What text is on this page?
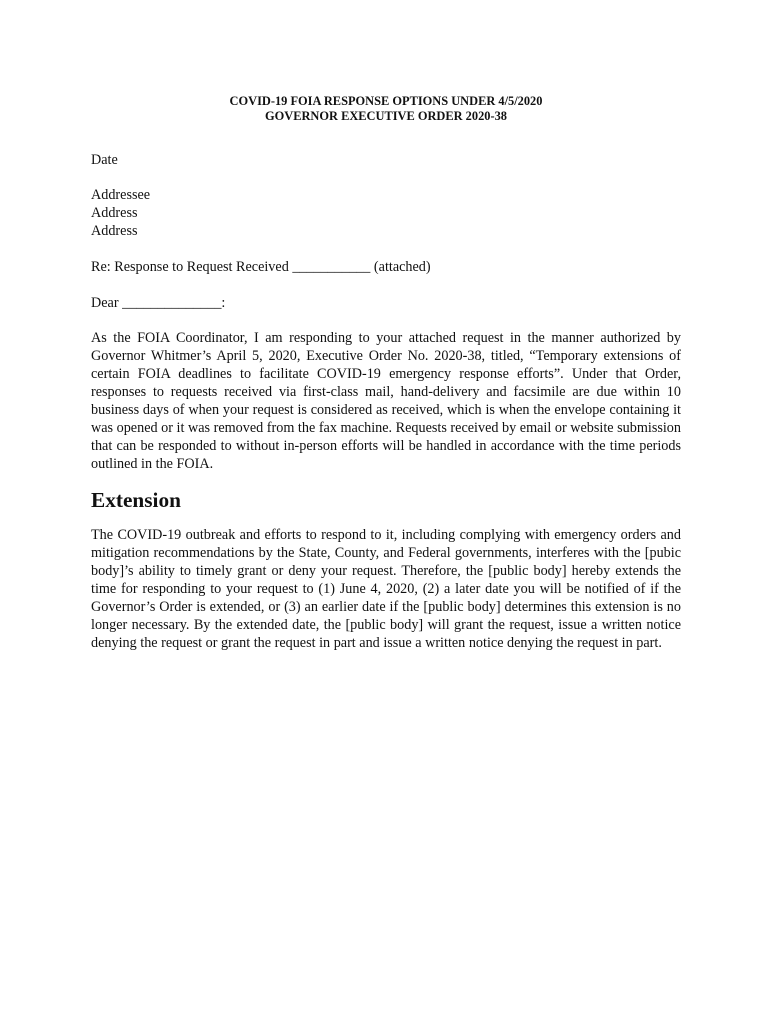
COVID-19 FOIA RESPONSE OPTIONS UNDER 4/5/2020
GOVERNOR EXECUTIVE ORDER 2020-38

Date

Addressee
Address
Address

Re: Response to Request Received ___________ (attached)

Dear ______________:

As the FOIA Coordinator, I am responding to your attached request in the manner authorized by Governor Whitmer’s April 5, 2020, Executive Order No. 2020-38, titled, “Temporary extensions of certain FOIA deadlines to facilitate COVID-19 emergency response efforts”. Under that Order, responses to requests received via first-class mail, hand-delivery and facsimile are due within 10 business days of when your request is considered as received, which is when the envelope containing it was opened or it was removed from the fax machine. Requests received by email or website submission that can be responded to without in-person efforts will be handled in accordance with the time periods outlined in the FOIA.

Extension

The COVID-19 outbreak and efforts to respond to it, including complying with emergency orders and mitigation recommendations by the State, County, and Federal governments, interferes with the [pubic body]’s ability to timely grant or deny your request. Therefore, the [public body] hereby extends the time for responding to your request to (1) June 4, 2020, (2) a later date you will be notified of if the Governor’s Order is extended, or (3) an earlier date if the [public body] determines this extension is no longer necessary. By the extended date, the [public body] will grant the request, issue a written notice denying the request or grant the request in part and issue a written notice denying the request in part.
